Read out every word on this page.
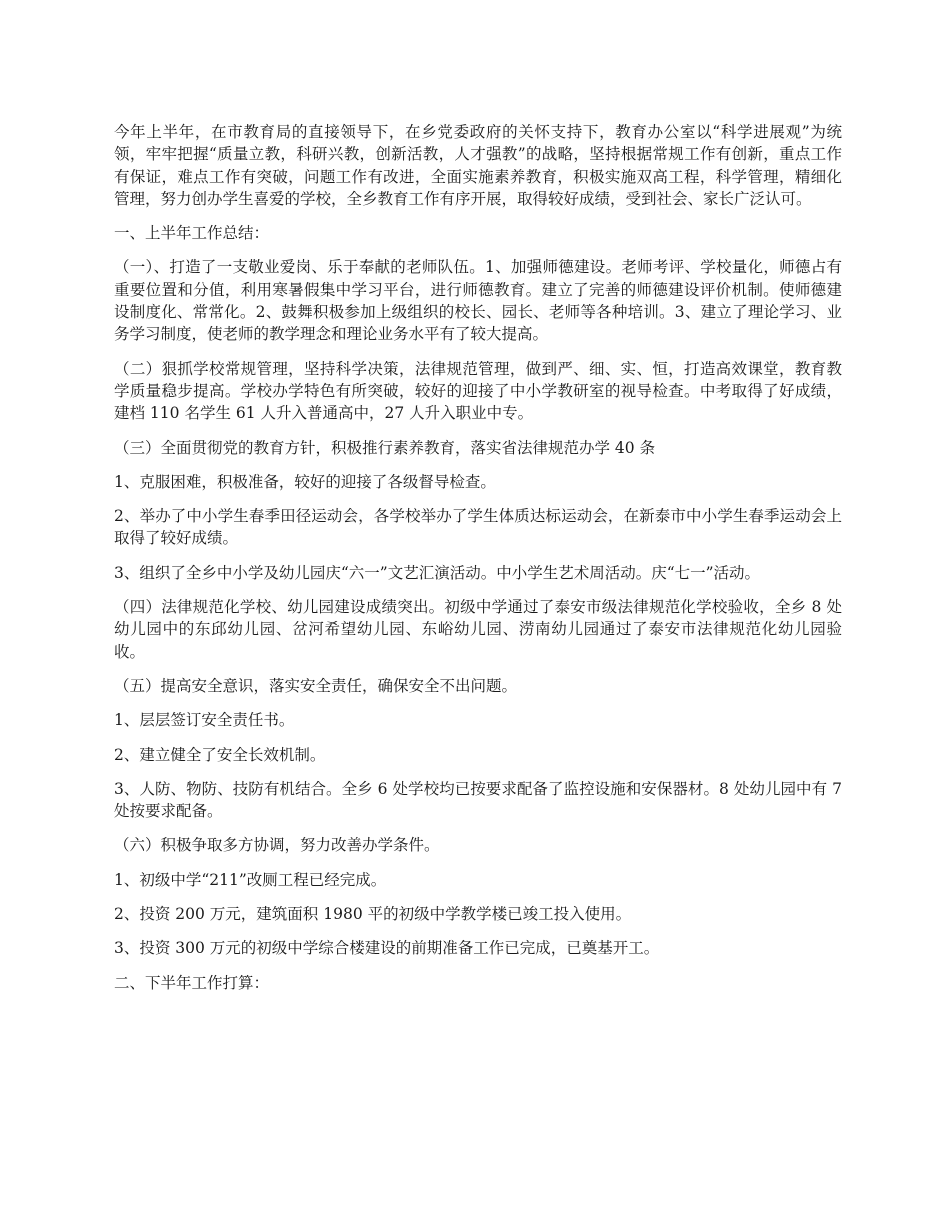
今年上半年，在市教育局的直接领导下，在乡党委政府的关怀支持下，教育办公室以“科学进展观”为统领，牢牢把握“质量立教，科研兴教，创新活教，人才强教”的战略，坚持根据常规工作有创新，重点工作有保证，难点工作有突破，问题工作有改进，全面实施素养教育，积极实施双高工程，科学管理，精细化管理，努力创办学生喜爱的学校，全乡教育工作有序开展，取得较好成绩，受到社会、家长广泛认可。

一、上半年工作总结：

（一）、打造了一支敬业爱岗、乐于奉献的老师队伍。1、加强师德建设。老师考评、学校量化，师德占有重要位置和分值，利用寒暑假集中学习平台，进行师德教育。建立了完善的师德建设评价机制。使师德建设制度化、常常化。2、鼓舞积极参加上级组织的校长、园长、老师等各种培训。3、建立了理论学习、业务学习制度，使老师的教学理念和理论业务水平有了较大提高。

（二）狠抓学校常规管理，坚持科学决策，法律规范管理，做到严、细、实、恒，打造高效课堂，教育教学质量稳步提高。学校办学特色有所突破，较好的迎接了中小学教研室的视导检查。中考取得了好成绩，建档 110 名学生 61 人升入普通高中，27 人升入职业中专。

（三）全面贯彻党的教育方针，积极推行素养教育，落实省法律规范办学 40 条

1、克服困难，积极准备，较好的迎接了各级督导检查。

2、举办了中小学生春季田径运动会，各学校举办了学生体质达标运动会，在新泰市中小学生春季运动会上取得了较好成绩。

3、组织了全乡中小学及幼儿园庆“六一”文艺汇演活动。中小学生艺术周活动。庆“七一”活动。

（四）法律规范化学校、幼儿园建设成绩突出。初级中学通过了泰安市级法律规范化学校验收，全乡 8 处幼儿园中的东邱幼儿园、岔河希望幼儿园、东峪幼儿园、涝南幼儿园通过了泰安市法律规范化幼儿园验收。

（五）提高安全意识，落实安全责任，确保安全不出问题。

1、层层签订安全责任书。

2、建立健全了安全长效机制。

3、人防、物防、技防有机结合。全乡 6 处学校均已按要求配备了监控设施和安保器材。8 处幼儿园中有 7 处按要求配备。

（六）积极争取多方协调，努力改善办学条件。

1、初级中学“211”改厕工程已经完成。

2、投资 200 万元，建筑面积 1980 平的初级中学教学楼已竣工投入使用。

3、投资 300 万元的初级中学综合楼建设的前期准备工作已完成，已奠基开工。

二、下半年工作打算：
